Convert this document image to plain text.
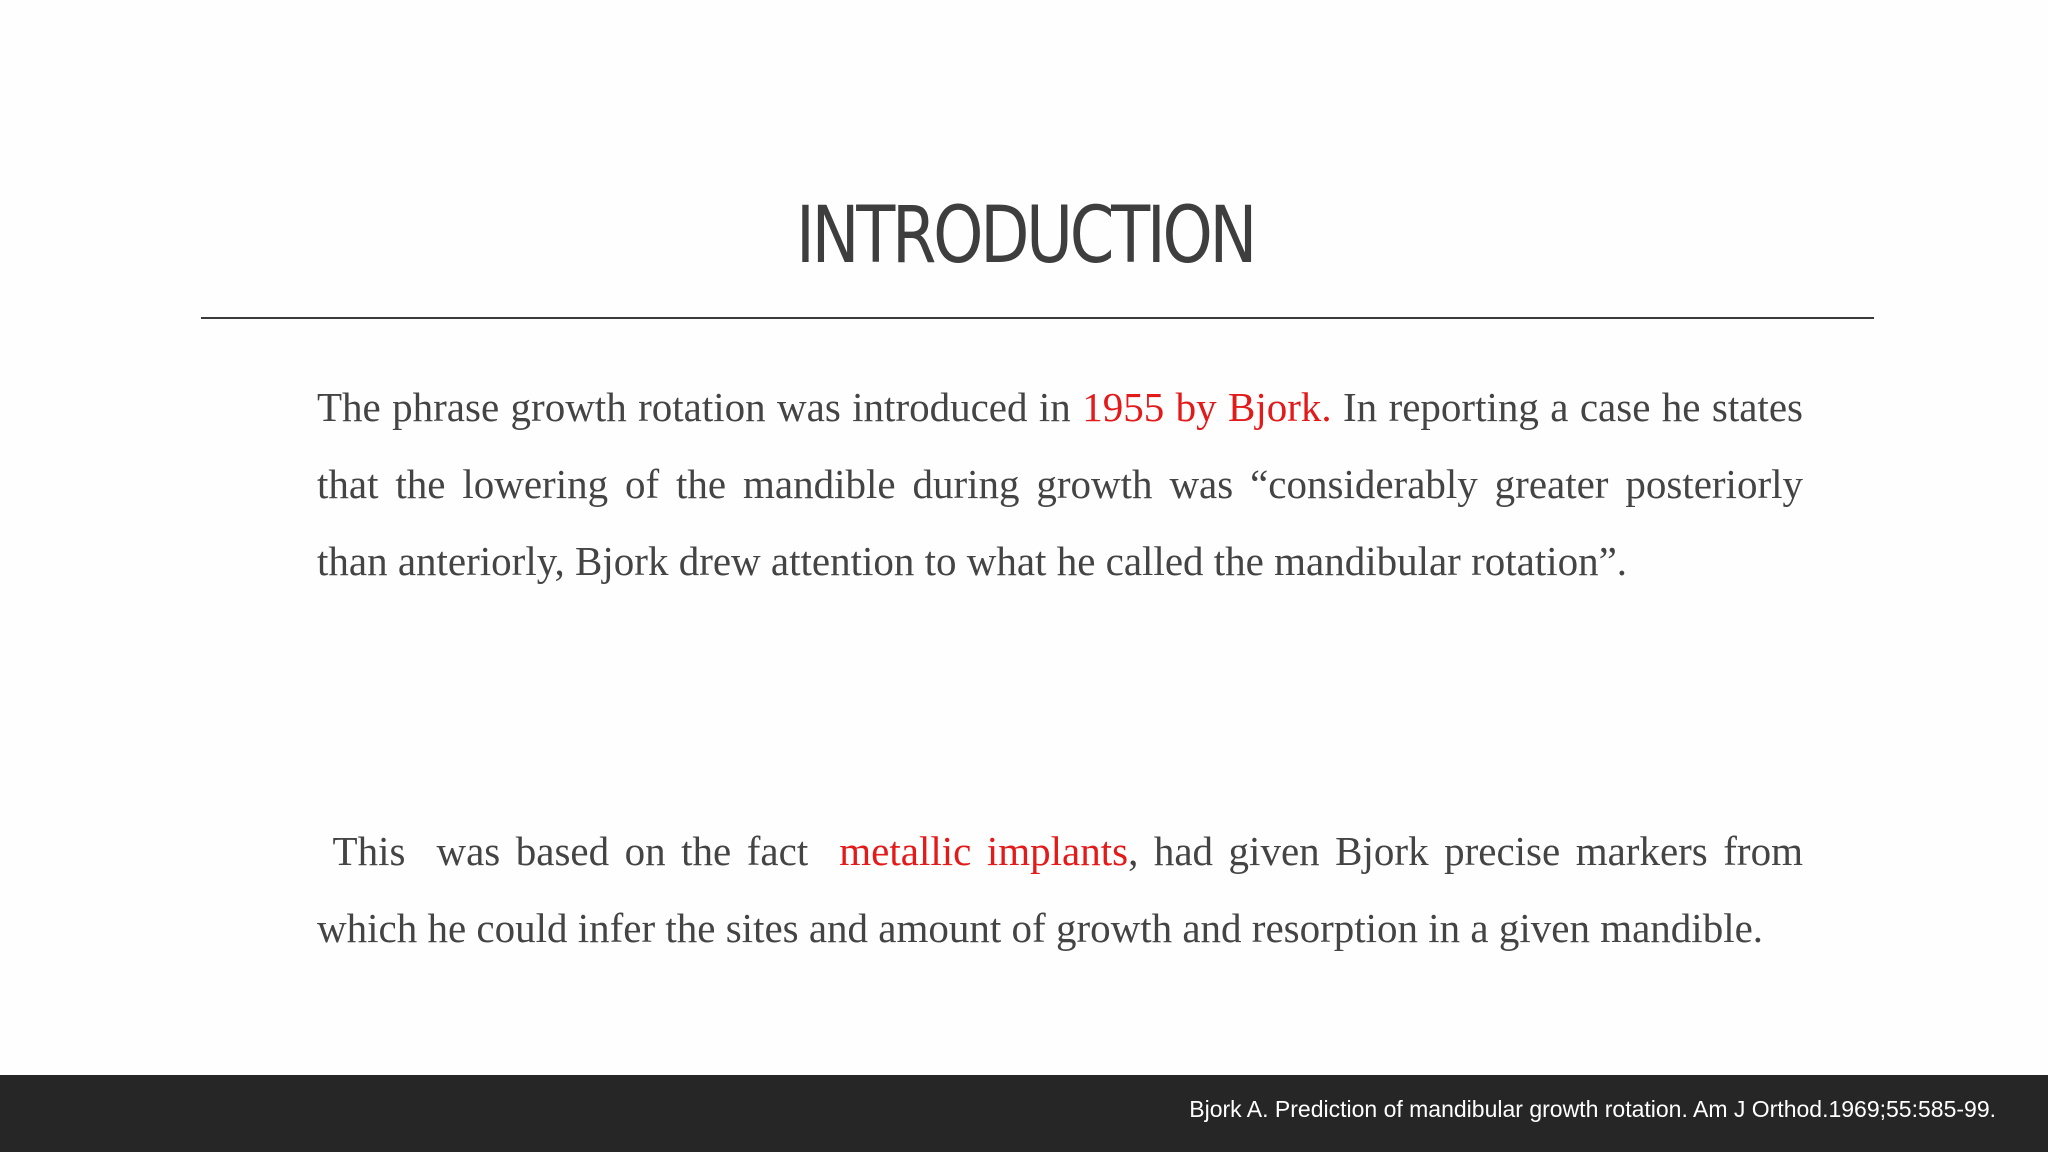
INTRODUCTION

The phrase growth rotation was introduced in 1955 by Bjork. In reporting a case he states that the lowering of the mandible during growth was “considerably greater posteriorly than anteriorly, Bjork drew attention to what he called the mandibular rotation”.

This  was based on the fact  metallic implants, had given Bjork precise markers from which he could infer the sites and amount of growth and resorption in a given mandible.

Bjork A. Prediction of mandibular growth rotation. Am J Orthod.1969;55:585-99.
